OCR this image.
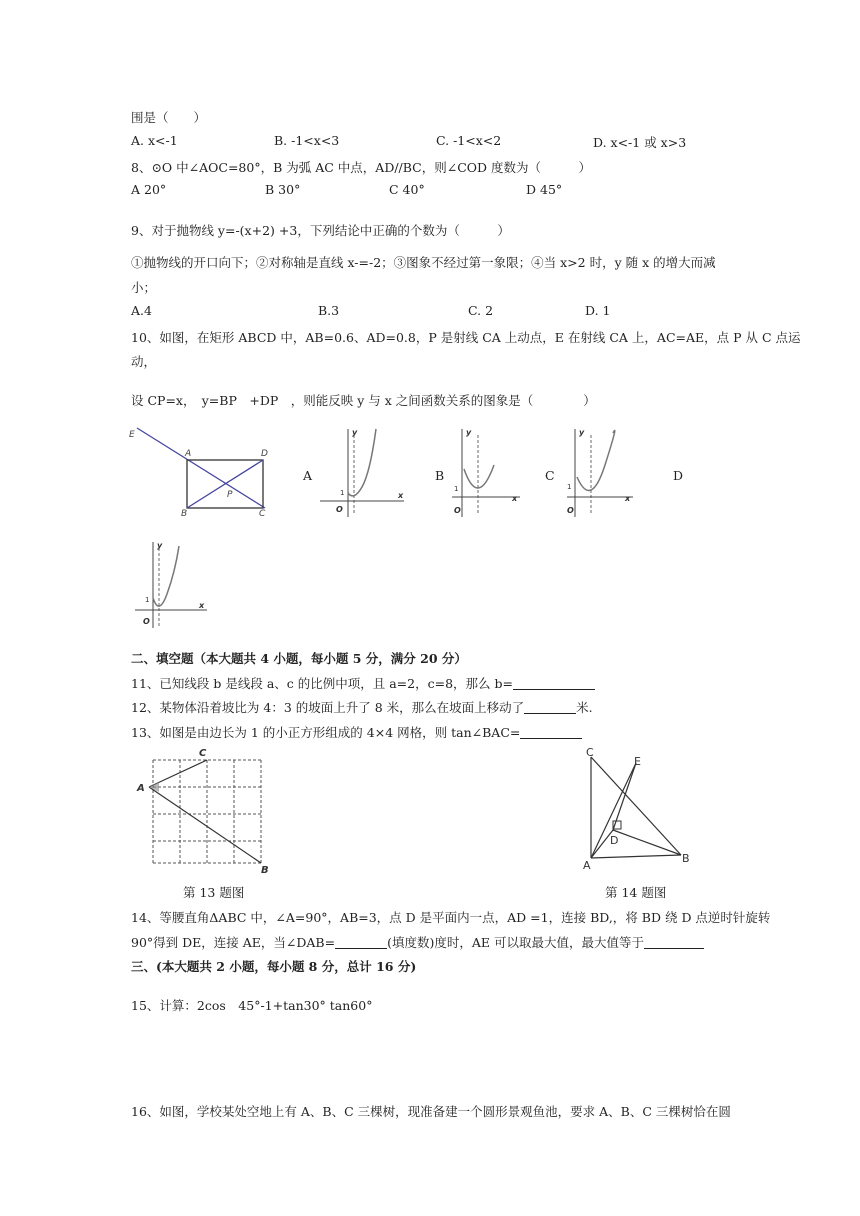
围是（　　）
A. x<-1	B. -1<x<3	C. -1<x<2	D. x<-1 或 x>3
8、⊙O 中∠AOC=80°，B 为弧 AC 中点，AD//BC，则∠COD 度数为（　　　）
A 20°	B 30°	C 40°	D 45°
9、对于抛物线 y=-(x+2) +3，下列结论中正确的个数为（　　　）
①抛物线的开口向下；②对称轴是直线 x-=-2；③图象不经过第一象限；④当 x>2 时，y 随 x 的增大而减
小；
A.4	B.3	C. 2	D. 1
10、如图，在矩形 ABCD 中，AB=0.6、AD=0.8，P 是射线 CA 上动点，E 在射线 CA 上，AC=AE，点 P 从 C 点运
动，
设 CP=x，　y=BP　+DP　，则能反映 y 与 x 之间函数关系的图象是（　　　　）
E
A	D
B	C
P
A	B	C	D
y
x
O
1
y
x
O
1
y
x
O
1
y
x
O
1
二、填空题（本大题共 4 小题，每小题 5 分，满分 20 分）
11、已知线段 b 是线段 a、c 的比例中项，且 a=2，c=8，那么 b=
12、某物体沿着坡比为 4：3 的坡面上升了 8 米，那么在坡面上移动了	米.
13、如图是由边长为 1 的小正方形组成的 4×4 网格，则 tan∠BAC=
A
C
B
C
E
D
A
B
第 13 题图	第 14 题图
14、等腰直角ΔABC 中，∠A=90°，AB=3，点 D 是平面内一点，AD =1，连接 BD,，将 BD 绕 D 点逆时针旋转
90°得到 DE，连接 AE，当∠DAB=	(填度数)度时，AE 可以取最大值，最大值等于
三、(本大题共 2 小题，每小题 8 分，总计 16 分)
15、计算：2cos　45°-1+tan30° tan60°
16、如图，学校某处空地上有 A、B、C 三棵树，现准备建一个圆形景观鱼池，要求 A、B、C 三棵树恰在圆
